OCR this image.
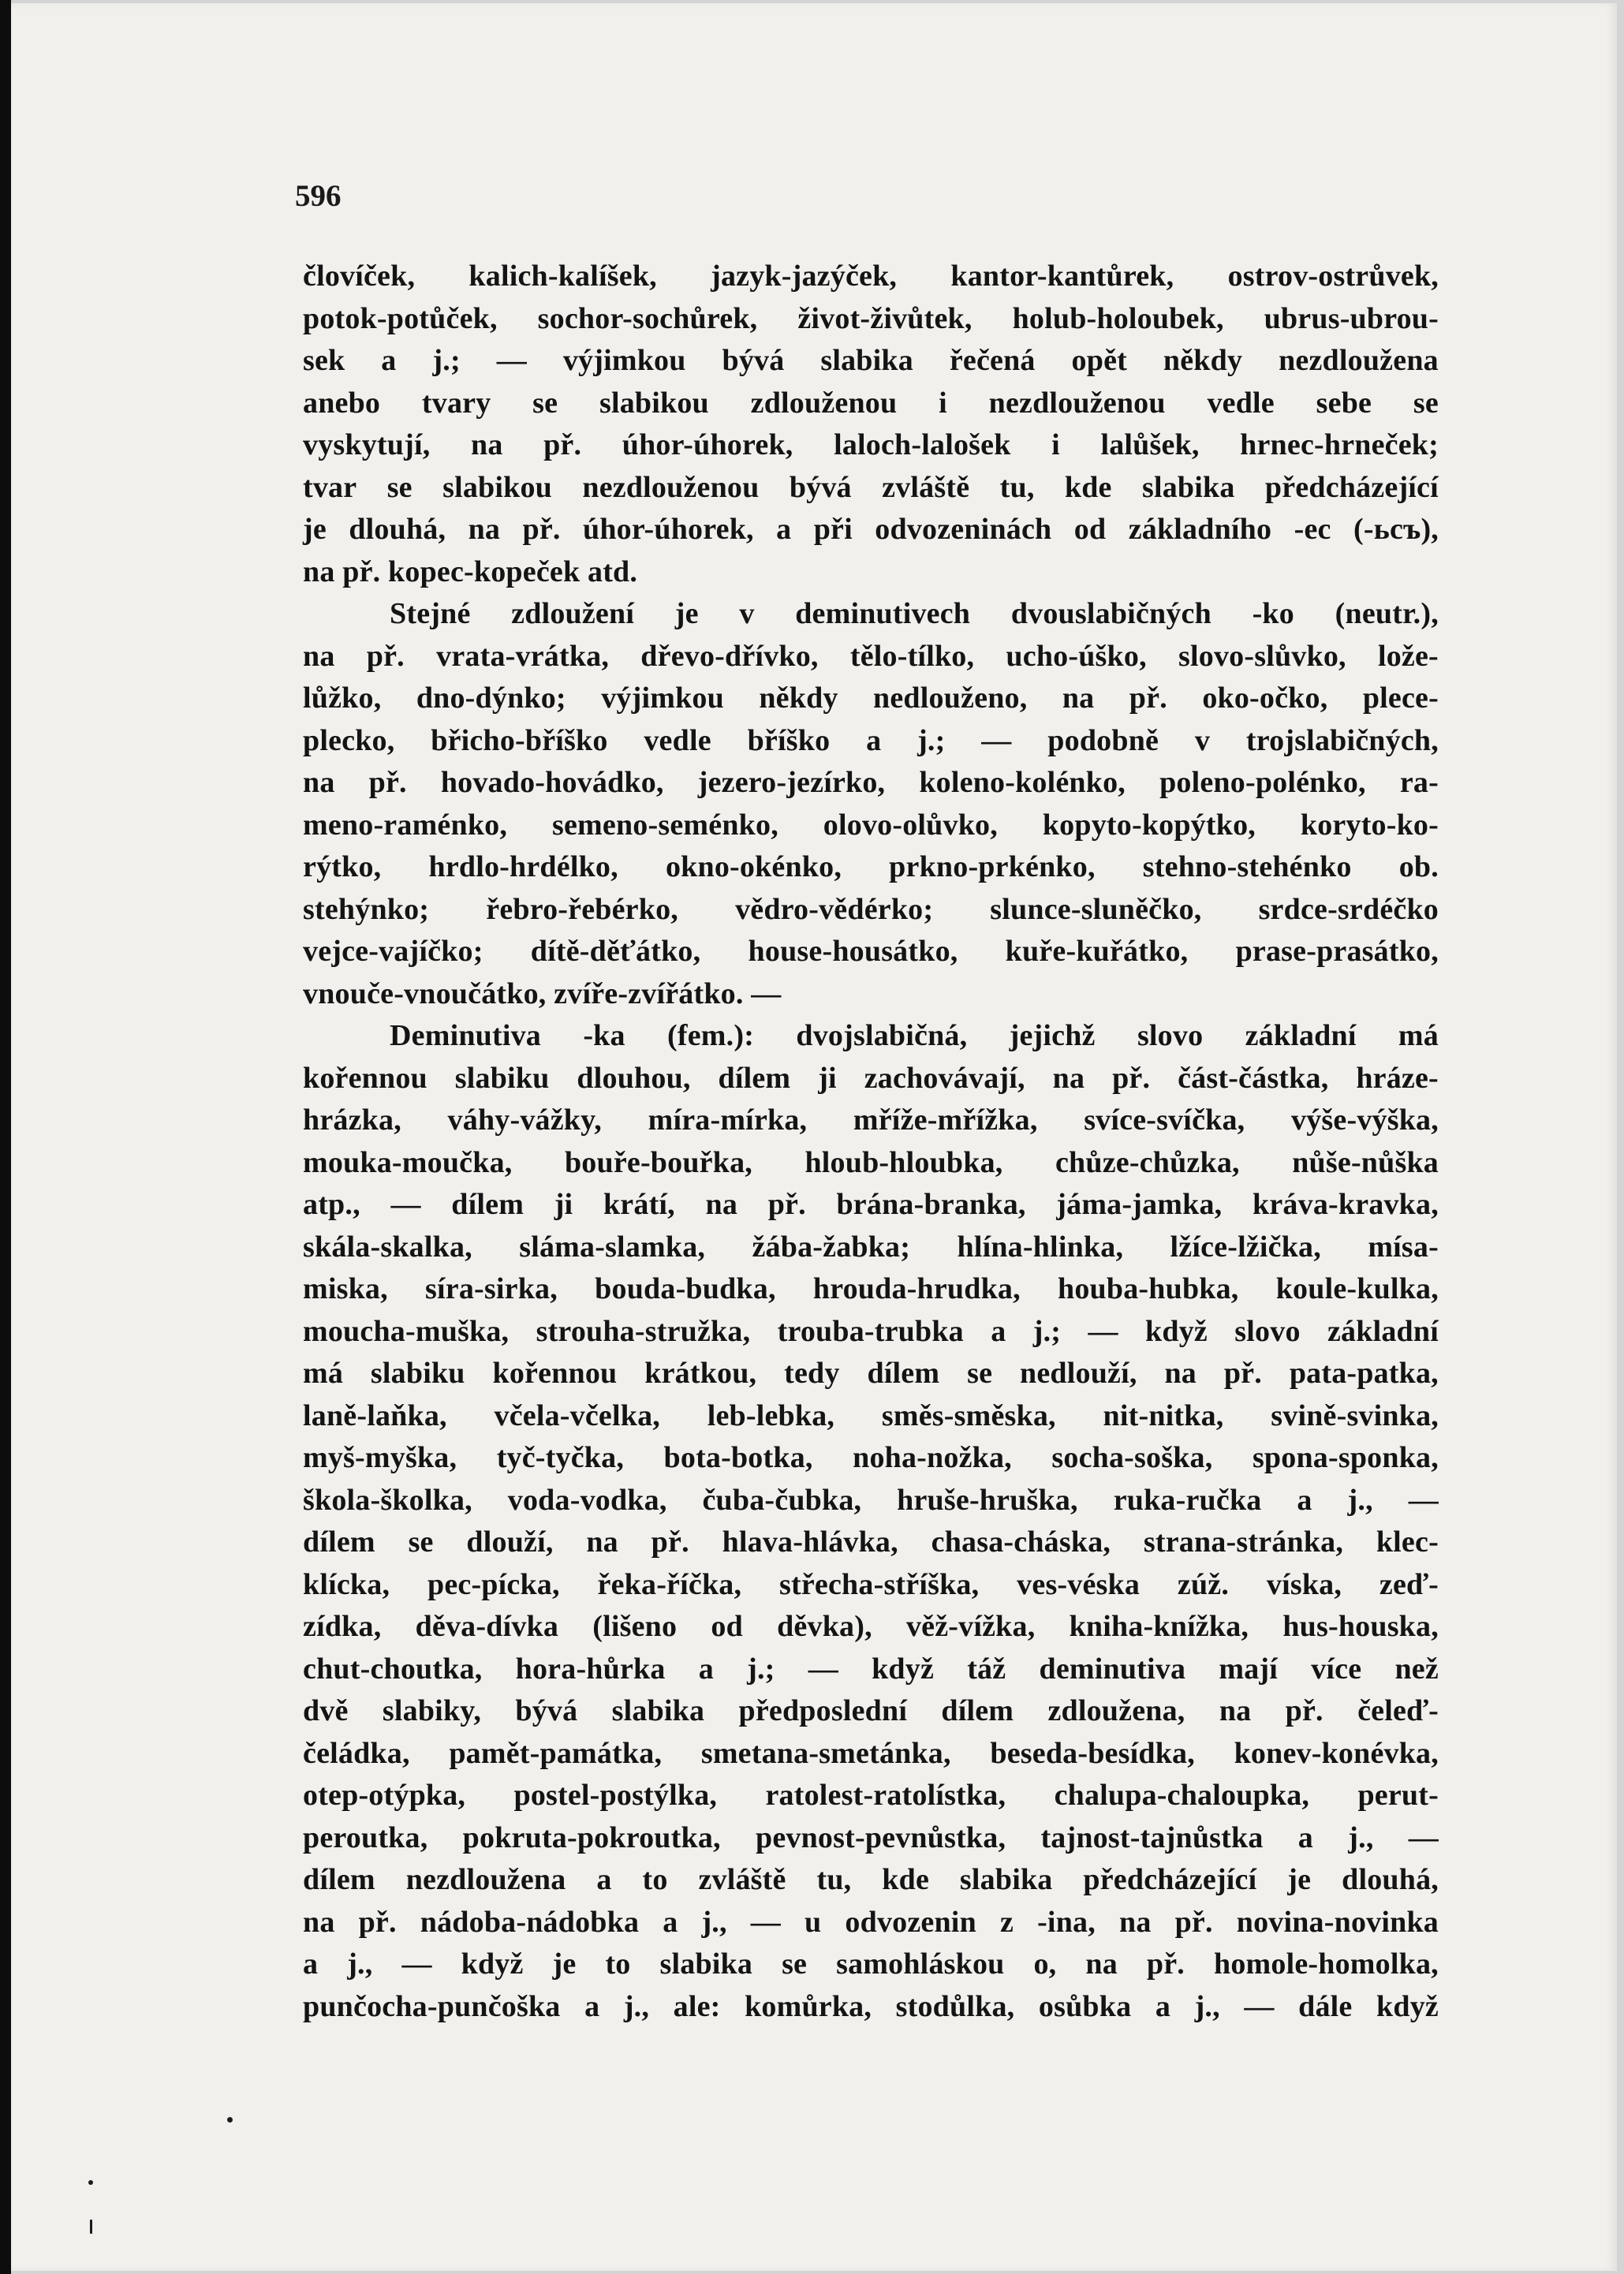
596
človíček, kalich-kalíšek, jazyk-jazýček, kantor-kantůrek, ostrov-ostrůvek,
potok-potůček, sochor-sochůrek, život-živůtek, holub-holoubek, ubrus-ubrou-
sek a j.; — výjimkou bývá slabika řečená opět někdy nezdloužena
anebo tvary se slabikou zdlouženou i nezdlouženou vedle sebe se
vyskytují, na př. úhor-úhorek, laloch-lalošek i lalůšek, hrnec-hrneček;
tvar se slabikou nezdlouženou bývá zvláště tu, kde slabika předcházející
je dlouhá, na př. úhor-úhorek, a při odvozeninách od základního -ec (-ьcъ),
na př. kopec-kopeček atd.
Stejné zdloužení je v deminutivech dvouslabičných -ko (neutr.),
na př. vrata-vrátka, dřevo-dřívko, tělo-tílko, ucho-úško, slovo-slůvko, lože-
lůžko, dno-dýnko; výjimkou někdy nedlouženo, na př. oko-očko, plece-
plecko, břicho-bříško vedle bříško a j.; — podobně v trojslabičných,
na př. hovado-hovádko, jezero-jezírko, koleno-kolénko, poleno-polénko, ra-
meno-raménko, semeno-seménko, olovo-olůvko, kopyto-kopýtko, koryto-ko-
rýtko, hrdlo-hrdélko, okno-okénko, prkno-prkénko, stehno-stehénko ob.
stehýnko; řebro-řebérko, vědro-vědérko; slunce-sluněčko, srdce-srdéčko
vejce-vajíčko; dítě-děťátko, house-housátko, kuře-kuřátko, prase-prasátko,
vnouče-vnoučátko, zvíře-zvířátko. —
Deminutiva -ka (fem.): dvojslabičná, jejichž slovo základní má
kořennou slabiku dlouhou, dílem ji zachovávají, na př. část-částka, hráze-
hrázka, váhy-vážky, míra-mírka, mříže-mřížka, svíce-svíčka, výše-výška,
mouka-moučka, bouře-bouřka, hloub-hloubka, chůze-chůzka, nůše-nůška
atp., — dílem ji krátí, na př. brána-branka, jáma-jamka, kráva-kravka,
skála-skalka, sláma-slamka, žába-žabka; hlína-hlinka, lžíce-lžička, mísa-
miska, síra-sirka, bouda-budka, hrouda-hrudka, houba-hubka, koule-kulka,
moucha-muška, strouha-stružka, trouba-trubka a j.; — když slovo základní
má slabiku kořennou krátkou, tedy dílem se nedlouží, na př. pata-patka,
laně-laňka, včela-včelka, leb-lebka, směs-směska, nit-nitka, svině-svinka,
myš-myška, tyč-tyčka, bota-botka, noha-nožka, socha-soška, spona-sponka,
škola-školka, voda-vodka, čuba-čubka, hruše-hruška, ruka-ručka a j., —
dílem se dlouží, na př. hlava-hlávka, chasa-cháska, strana-stránka, klec-
klícka, pec-pícka, řeka-říčka, střecha-stříška, ves-véska zúž. víska, zeď-
zídka, děva-dívka (lišeno od děvka), věž-vížka, kniha-knížka, hus-houska,
chut-choutka, hora-hůrka a j.; — když táž deminutiva mají více než
dvě slabiky, bývá slabika předposlední dílem zdloužena, na př. čeleď-
čeládka, pamět-památka, smetana-smetánka, beseda-besídka, konev-konévka,
otep-otýpka, postel-postýlka, ratolest-ratolístka, chalupa-chaloupka, perut-
peroutka, pokruta-pokroutka, pevnost-pevnůstka, tajnost-tajnůstka a j., —
dílem nezdloužena a to zvláště tu, kde slabika předcházející je dlouhá,
na př. nádoba-nádobka a j., — u odvozenin z -ina, na př. novina-novinka
a j., — když je to slabika se samohláskou o, na př. homole-homolka,
punčocha-punčoška a j., ale: komůrka, stodůlka, osůbka a j., — dále když
